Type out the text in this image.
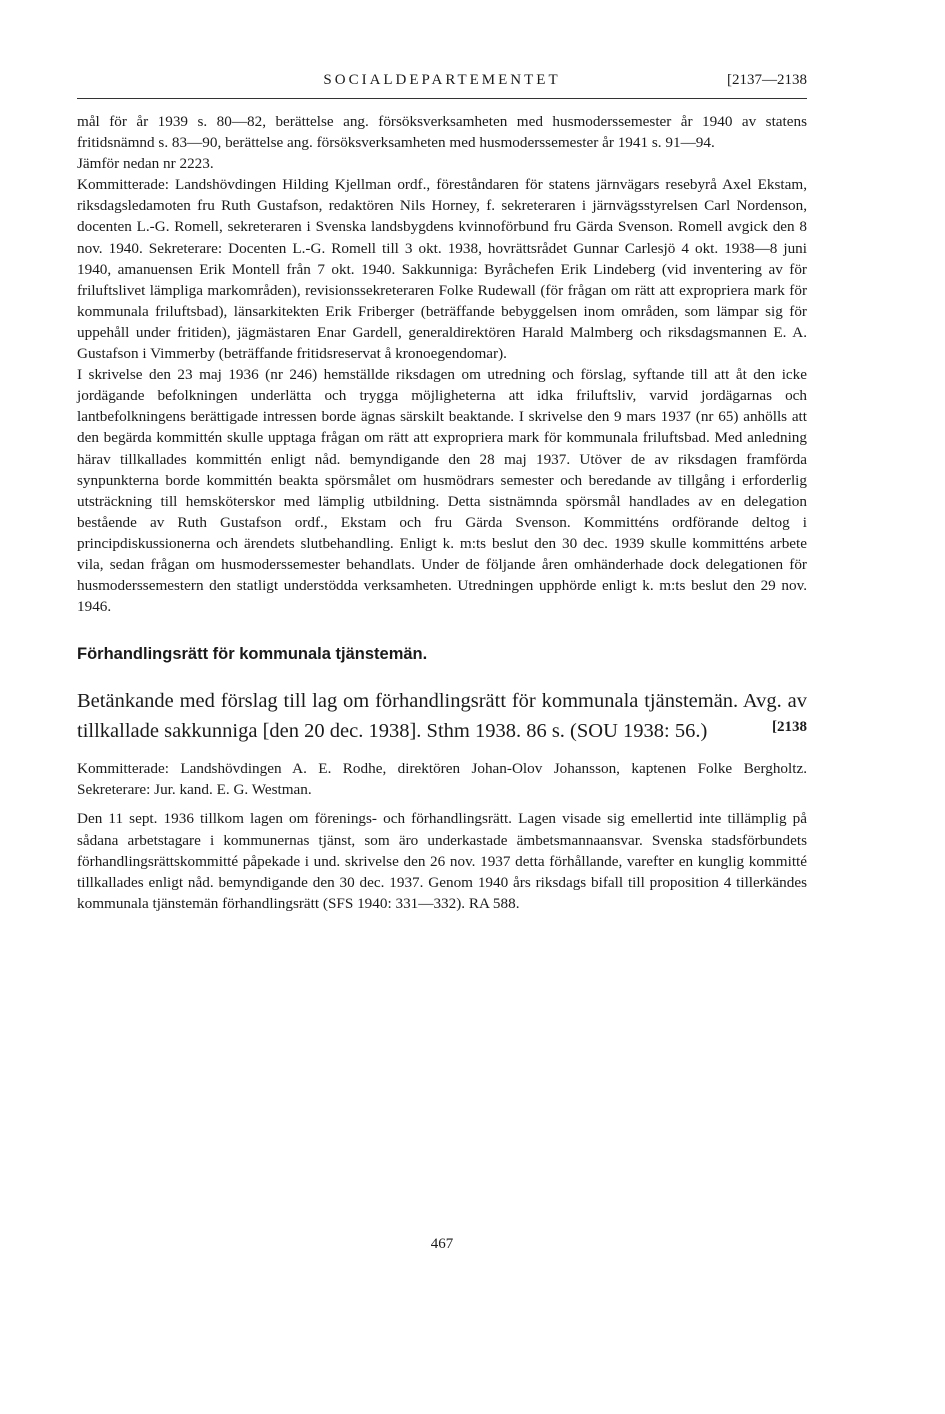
SOCIALDEPARTEMENTET	[2137—2138

mål för år 1939 s. 80—82, berättelse ang. försöksverksamheten med husmoderssemester år 1940 av statens fritidsnämnd s. 83—90, berättelse ang. försöksverksamheten med husmoderssemester år 1941 s. 91—94.

Jämför nedan nr 2223.

Kommitterade: Landshövdingen Hilding Kjellman ordf., föreståndaren för statens järnvägars resebyrå Axel Ekstam, riksdagsledamoten fru Ruth Gustafson, redaktören Nils Horney, f. sekreteraren i järnvägsstyrelsen Carl Nordenson, docenten L.-G. Romell, sekreteraren i Svenska landsbygdens kvinnoförbund fru Gärda Svenson. Romell avgick den 8 nov. 1940. Sekreterare: Docenten L.-G. Romell till 3 okt. 1938, hovrättsrådet Gunnar Carlesjö 4 okt. 1938—8 juni 1940, amanuensen Erik Montell från 7 okt. 1940. Sakkunniga: Byråchefen Erik Lindeberg (vid inventering av för friluftslivet lämpliga markområden), revisionssekreteraren Folke Rudewall (för frågan om rätt att expropriera mark för kommunala friluftsbad), länsarkitekten Erik Friberger (beträffande bebyggelsen inom områden, som lämpar sig för uppehåll under fritiden), jägmästaren Enar Gardell, generaldirektören Harald Malmberg och riksdagsmannen E. A. Gustafson i Vimmerby (beträffande fritidsreservat å kronoegendomar).

I skrivelse den 23 maj 1936 (nr 246) hemställde riksdagen om utredning och förslag, syftande till att åt den icke jordägande befolkningen underlätta och trygga möjligheterna att idka friluftsliv, varvid jordägarnas och lantbefolkningens berättigade intressen borde ägnas särskilt beaktande. I skrivelse den 9 mars 1937 (nr 65) anhölls att den begärda kommittén skulle upptaga frågan om rätt att expropriera mark för kommunala friluftsbad. Med anledning härav tillkallades kommittén enligt nåd. bemyndigande den 28 maj 1937. Utöver de av riksdagen framförda synpunkterna borde kommittén beakta spörsmålet om husmödrars semester och beredande av tillgång i erforderlig utsträckning till hemsköterskor med lämplig utbildning. Detta sistnämnda spörsmål handlades av en delegation bestående av Ruth Gustafson ordf., Ekstam och fru Gärda Svenson. Kommitténs ordförande deltog i principdiskussionerna och ärendets slutbehandling. Enligt k. m:ts beslut den 30 dec. 1939 skulle kommitténs arbete vila, sedan frågan om husmoderssemester behandlats. Under de följande åren omhänderhade dock delegationen för husmoderssemestern den statligt understödda verksamheten. Utredningen upphörde enligt k. m:ts beslut den 29 nov. 1946.

Förhandlingsrätt för kommunala tjänstemän.
Betänkande med förslag till lag om förhandlingsrätt för kommunala tjänstemän. Avg. av tillkallade sakkunniga [den 20 dec. 1938]. Sthm 1938. 86 s. (SOU 1938: 56.)	[2138

Kommitterade: Landshövdingen A. E. Rodhe, direktören Johan-Olov Johansson, kaptenen Folke Bergholtz. Sekreterare: Jur. kand. E. G. Westman.

Den 11 sept. 1936 tillkom lagen om förenings- och förhandlingsrätt. Lagen visade sig emellertid inte tillämplig på sådana arbetstagare i kommunernas tjänst, som äro underkastade ämbetsmannaansvar. Svenska stadsförbundets förhandlingsrättskommitté påpekade i und. skrivelse den 26 nov. 1937 detta förhållande, varefter en kunglig kommitté tillkallades enligt nåd. bemyndigande den 30 dec. 1937. Genom 1940 års riksdags bifall till proposition 4 tillerkändes kommunala tjänstemän förhandlingsrätt (SFS 1940: 331—332). RA 588.

467
